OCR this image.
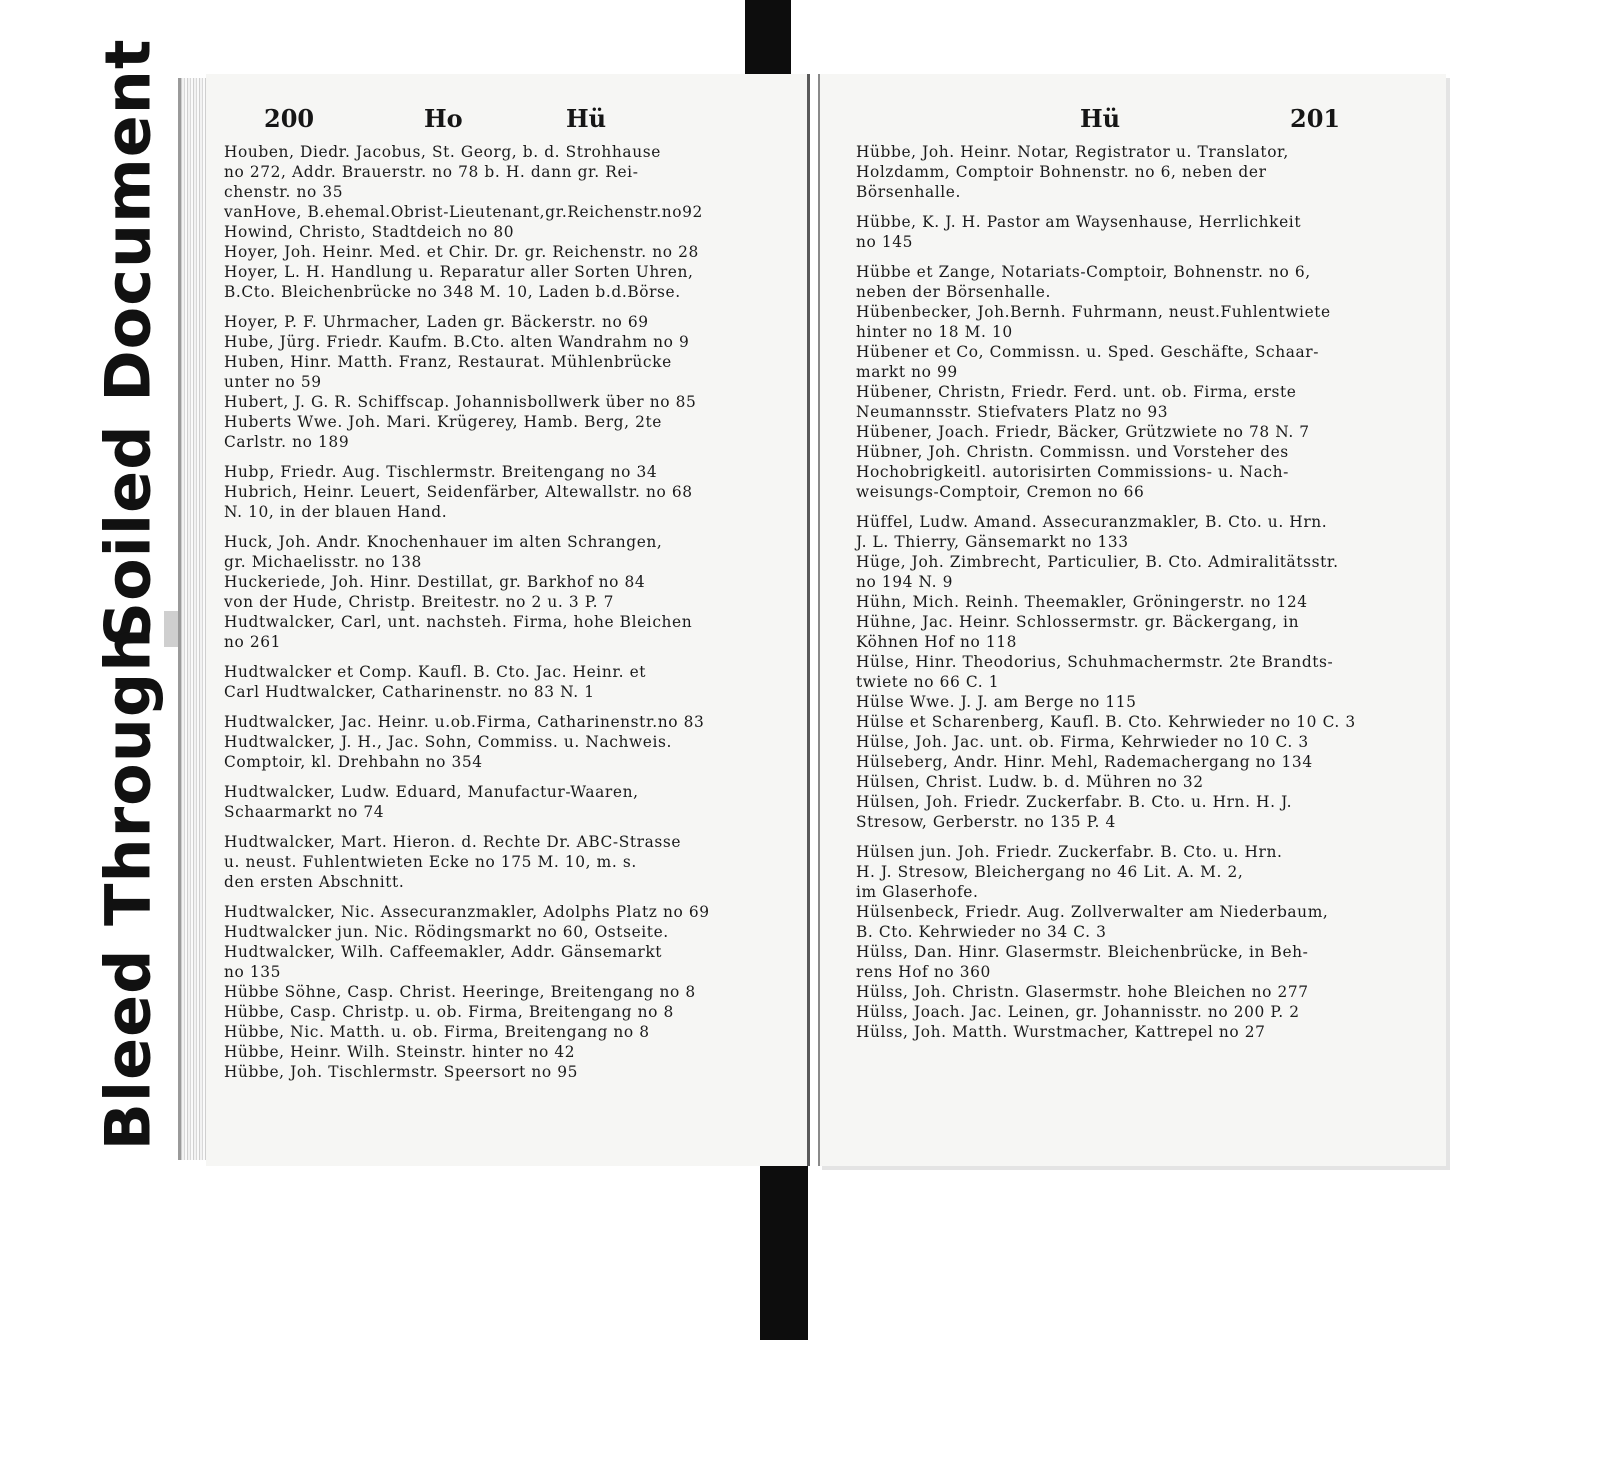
Soiled Document
Bleed Through
200	Ho	Hü
Houben, Diedr. Jacobus, St. Georg, b. d. Strohhause
no 272, Addr. Brauerstr. no 78 b. H. dann gr. Rei-
chenstr. no 35
vanHove, B.ehemal.Obrist-Lieutenant,gr.Reichenstr.no92
Howind, Christo, Stadtdeich no 80
Hoyer, Joh. Heinr. Med. et Chir. Dr. gr. Reichenstr. no 28
Hoyer, L. H. Handlung u. Reparatur aller Sorten Uhren,
B.Cto. Bleichenbrücke no 348 M. 10, Laden b.d.Börse.
Hoyer, P. F. Uhrmacher, Laden gr. Bäckerstr. no 69
Hube, Jürg. Friedr. Kaufm. B.Cto. alten Wandrahm no 9
Huben, Hinr. Matth. Franz, Restaurat. Mühlenbrücke
unter no 59
Hubert, J. G. R. Schiffscap. Johannisbollwerk über no 85
Huberts Wwe. Joh. Mari. Krügerey, Hamb. Berg, 2te
Carlstr. no 189
Hubp, Friedr. Aug. Tischlermstr. Breitengang no 34
Hubrich, Heinr. Leuert, Seidenfärber, Altewallstr. no 68
N. 10, in der blauen Hand.
Huck, Joh. Andr. Knochenhauer im alten Schrangen,
gr. Michaelisstr. no 138
Huckeriede, Joh. Hinr. Destillat, gr. Barkhof no 84
von der Hude, Christp. Breitestr. no 2 u. 3 P. 7
Hudtwalcker, Carl, unt. nachsteh. Firma, hohe Bleichen
no 261
Hudtwalcker et Comp. Kaufl. B. Cto. Jac. Heinr. et
Carl Hudtwalcker, Catharinenstr. no 83 N. 1
Hudtwalcker, Jac. Heinr. u.ob.Firma, Catharinenstr.no 83
Hudtwalcker, J. H., Jac. Sohn, Commiss. u. Nachweis.
Comptoir, kl. Drehbahn no 354
Hudtwalcker, Ludw. Eduard, Manufactur-Waaren,
Schaarmarkt no 74
Hudtwalcker, Mart. Hieron. d. Rechte Dr. ABC-Strasse
u. neust. Fuhlentwieten Ecke no 175 M. 10, m. s.
den ersten Abschnitt.
Hudtwalcker, Nic. Assecuranzmakler, Adolphs Platz no 69
Hudtwalcker jun. Nic. Rödingsmarkt no 60, Ostseite.
Hudtwalcker, Wilh. Caffeemakler, Addr. Gänsemarkt
no 135
Hübbe Söhne, Casp. Christ. Heeringe, Breitengang no 8
Hübbe, Casp. Christp. u. ob. Firma, Breitengang no 8
Hübbe, Nic. Matth. u. ob. Firma, Breitengang no 8
Hübbe, Heinr. Wilh. Steinstr. hinter no 42
Hübbe, Joh. Tischlermstr. Speersort no 95
Hü	201
Hübbe, Joh. Heinr. Notar, Registrator u. Translator,
Holzdamm, Comptoir Bohnenstr. no 6, neben der
Börsenhalle.
Hübbe, K. J. H. Pastor am Waysenhause, Herrlichkeit
no 145
Hübbe et Zange, Notariats-Comptoir, Bohnenstr. no 6,
neben der Börsenhalle.
Hübenbecker, Joh.Bernh. Fuhrmann, neust.Fuhlentwiete
hinter no 18 M. 10
Hübener et Co, Commissn. u. Sped. Geschäfte, Schaar-
markt no 99
Hübener, Christn, Friedr. Ferd. unt. ob. Firma, erste
Neumannsstr. Stiefvaters Platz no 93
Hübener, Joach. Friedr, Bäcker, Grützwiete no 78 N. 7
Hübner, Joh. Christn. Commissn. und Vorsteher des
Hochobrigkeitl. autorisirten Commissions- u. Nach-
weisungs-Comptoir, Cremon no 66
Hüffel, Ludw. Amand. Assecuranzmakler, B. Cto. u. Hrn.
J. L. Thierry, Gänsemarkt no 133
Hüge, Joh. Zimbrecht, Particulier, B. Cto. Admiralitätsstr.
no 194 N. 9
Hühn, Mich. Reinh. Theemakler, Gröningerstr. no 124
Hühne, Jac. Heinr. Schlossermstr. gr. Bäckergang, in
Köhnen Hof no 118
Hülse, Hinr. Theodorius, Schuhmachermstr. 2te Brandts-
twiete no 66 C. 1
Hülse Wwe. J. J. am Berge no 115
Hülse et Scharenberg, Kaufl. B. Cto. Kehrwieder no 10 C. 3
Hülse, Joh. Jac. unt. ob. Firma, Kehrwieder no 10 C. 3
Hülseberg, Andr. Hinr. Mehl, Rademachergang no 134
Hülsen, Christ. Ludw. b. d. Mühren no 32
Hülsen, Joh. Friedr. Zuckerfabr. B. Cto. u. Hrn. H. J.
Stresow, Gerberstr. no 135 P. 4
Hülsen jun. Joh. Friedr. Zuckerfabr. B. Cto. u. Hrn.
H. J. Stresow, Bleichergang no 46 Lit. A. M. 2,
im Glaserhofe.
Hülsenbeck, Friedr. Aug. Zollverwalter am Niederbaum,
B. Cto. Kehrwieder no 34 C. 3
Hülss, Dan. Hinr. Glasermstr. Bleichenbrücke, in Beh-
rens Hof no 360
Hülss, Joh. Christn. Glasermstr. hohe Bleichen no 277
Hülss, Joach. Jac. Leinen, gr. Johannisstr. no 200 P. 2
Hülss, Joh. Matth. Wurstmacher, Kattrepel no 27
